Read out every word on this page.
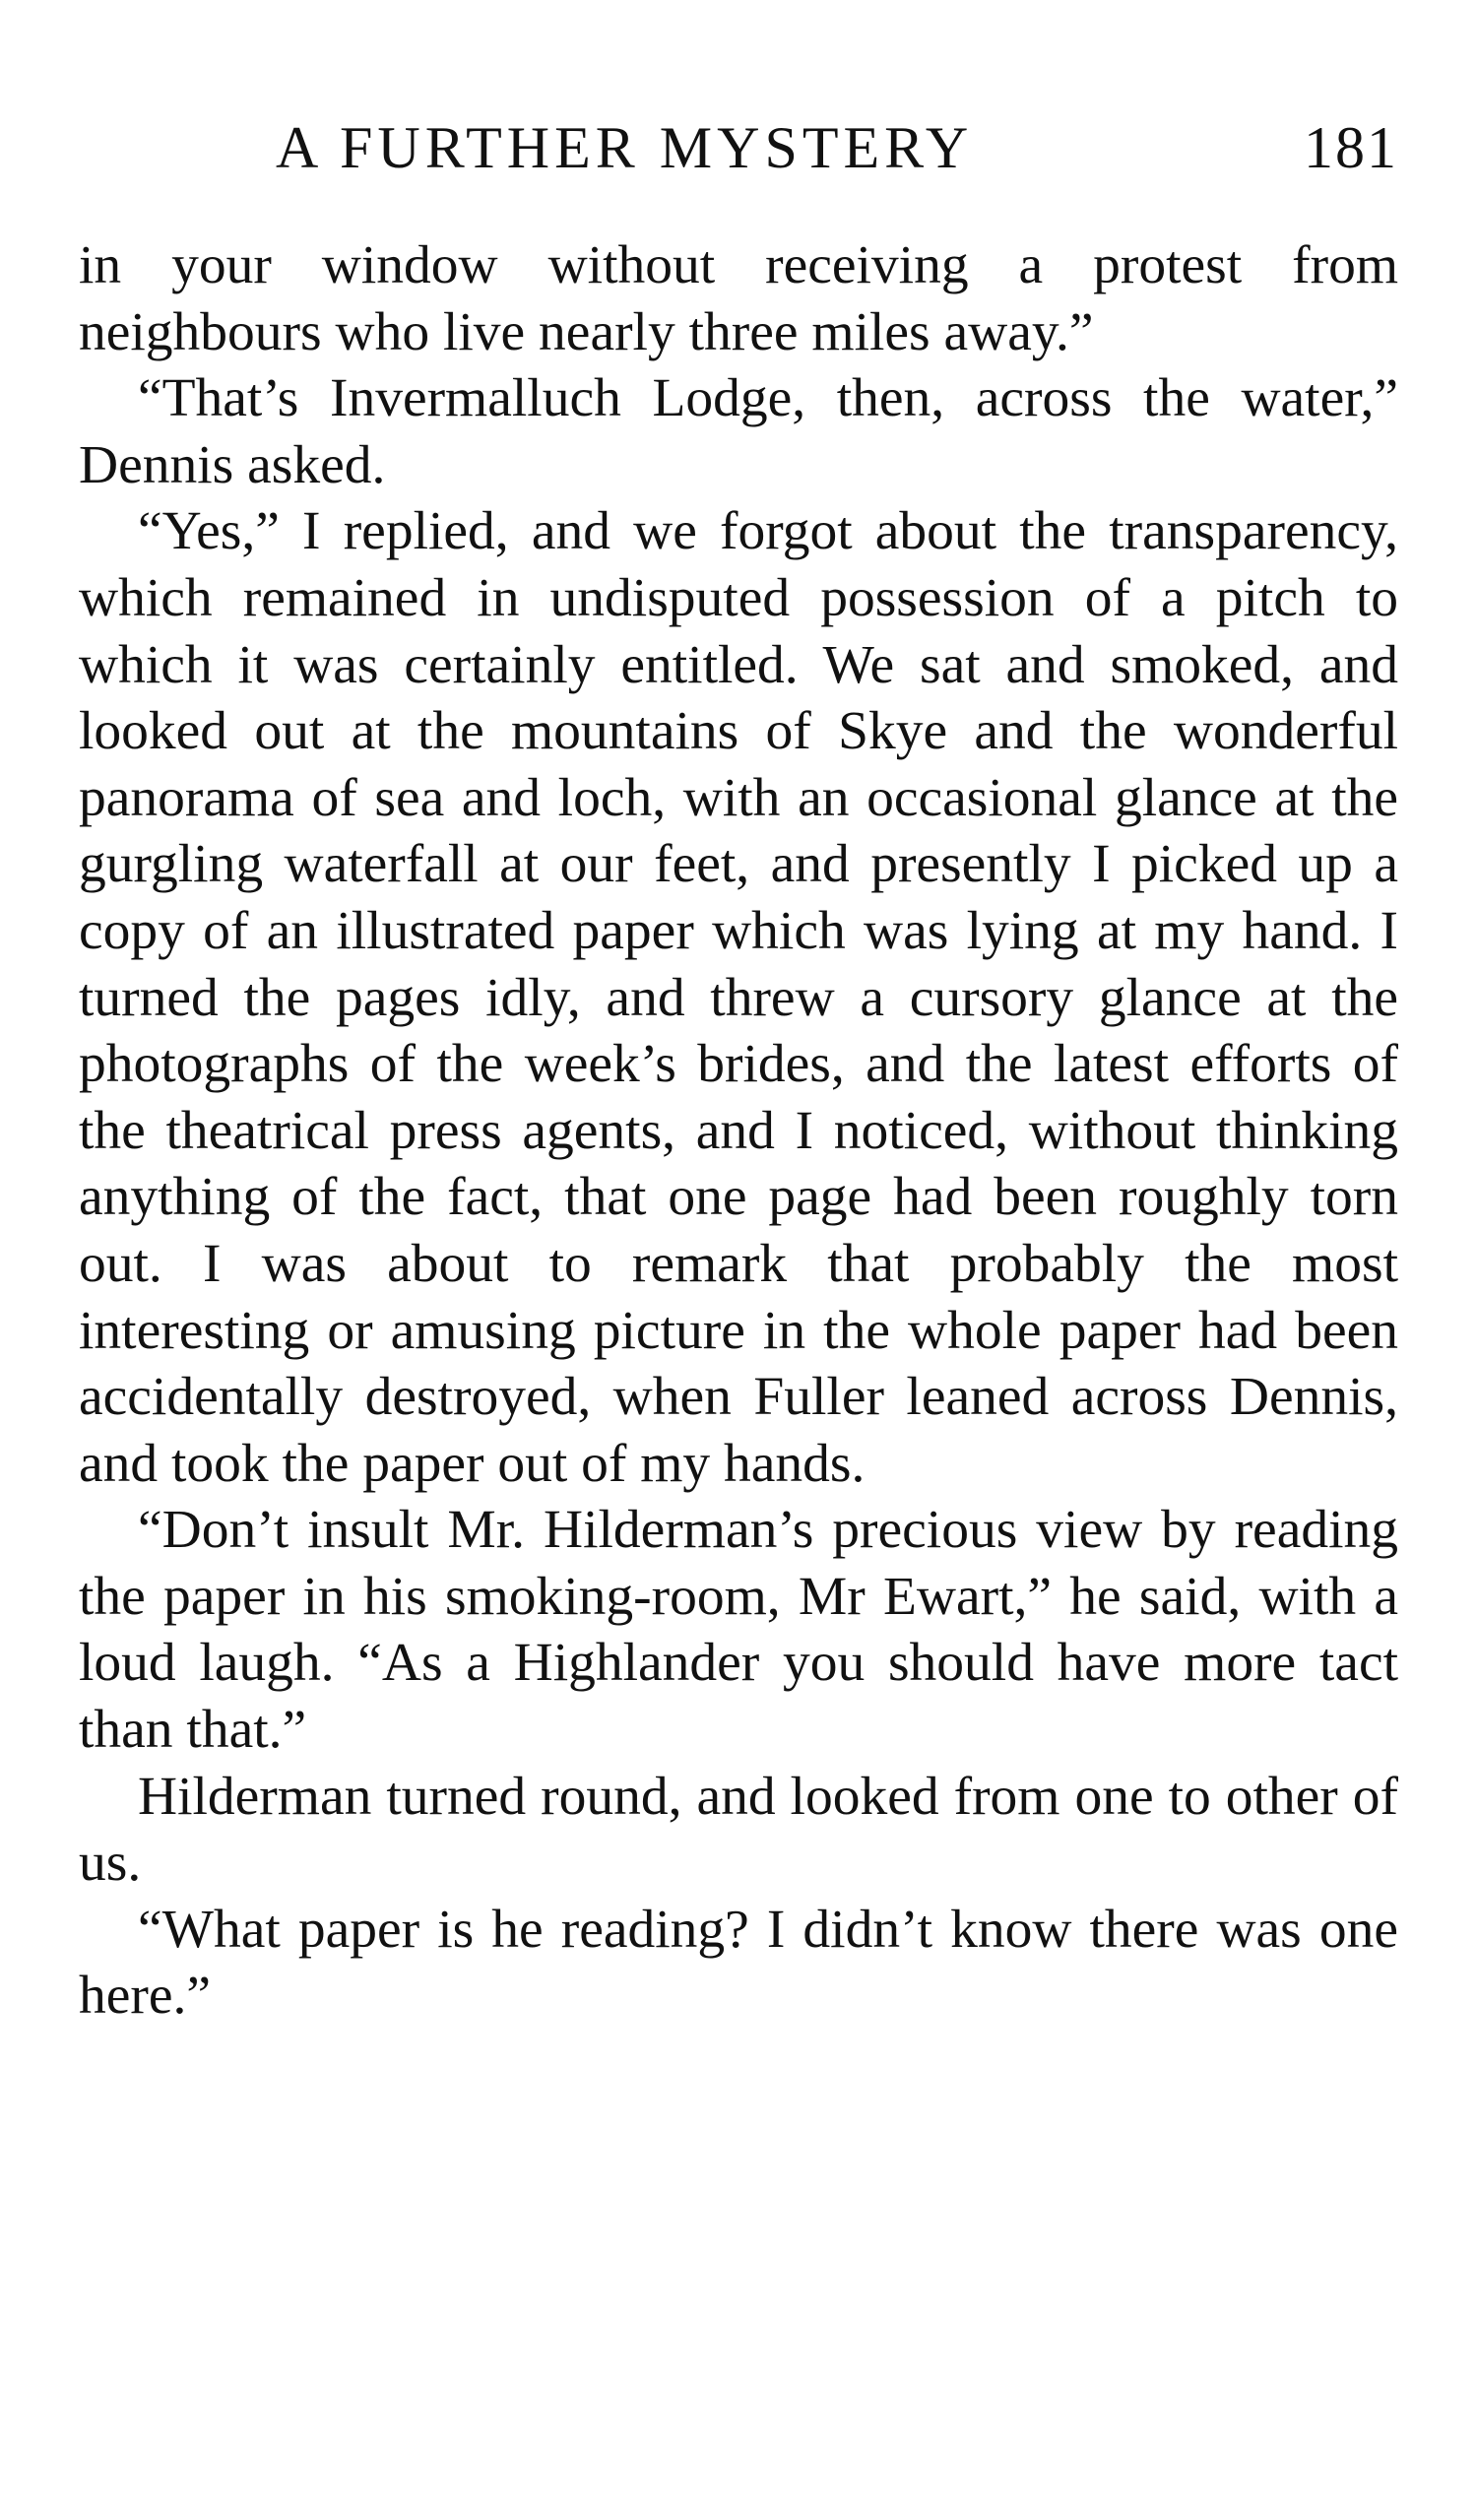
A FURTHER MYSTERY	181

in your window without receiving a protest from neighbours who live nearly three miles away.”

“That’s Invermalluch Lodge, then, across the water,” Dennis asked.

“Yes,” I replied, and we forgot about the transparency, which remained in undisputed possession of a pitch to which it was certainly entitled. We sat and smoked, and looked out at the mountains of Skye and the wonderful panorama of sea and loch, with an occasional glance at the gurgling waterfall at our feet, and presently I picked up a copy of an illustrated paper which was lying at my hand. I turned the pages idly, and threw a cursory glance at the photographs of the week’s brides, and the latest efforts of the theatrical press agents, and I noticed, without thinking anything of the fact, that one page had been roughly torn out. I was about to remark that probably the most interesting or amusing picture in the whole paper had been accidentally destroyed, when Fuller leaned across Dennis, and took the paper out of my hands.

“Don’t insult Mr. Hilderman’s precious view by reading the paper in his smoking-room, Mr Ewart,” he said, with a loud laugh. “As a Highlander you should have more tact than that.”

Hilderman turned round, and looked from one to other of us.

“What paper is he reading? I didn’t know there was one here.”
